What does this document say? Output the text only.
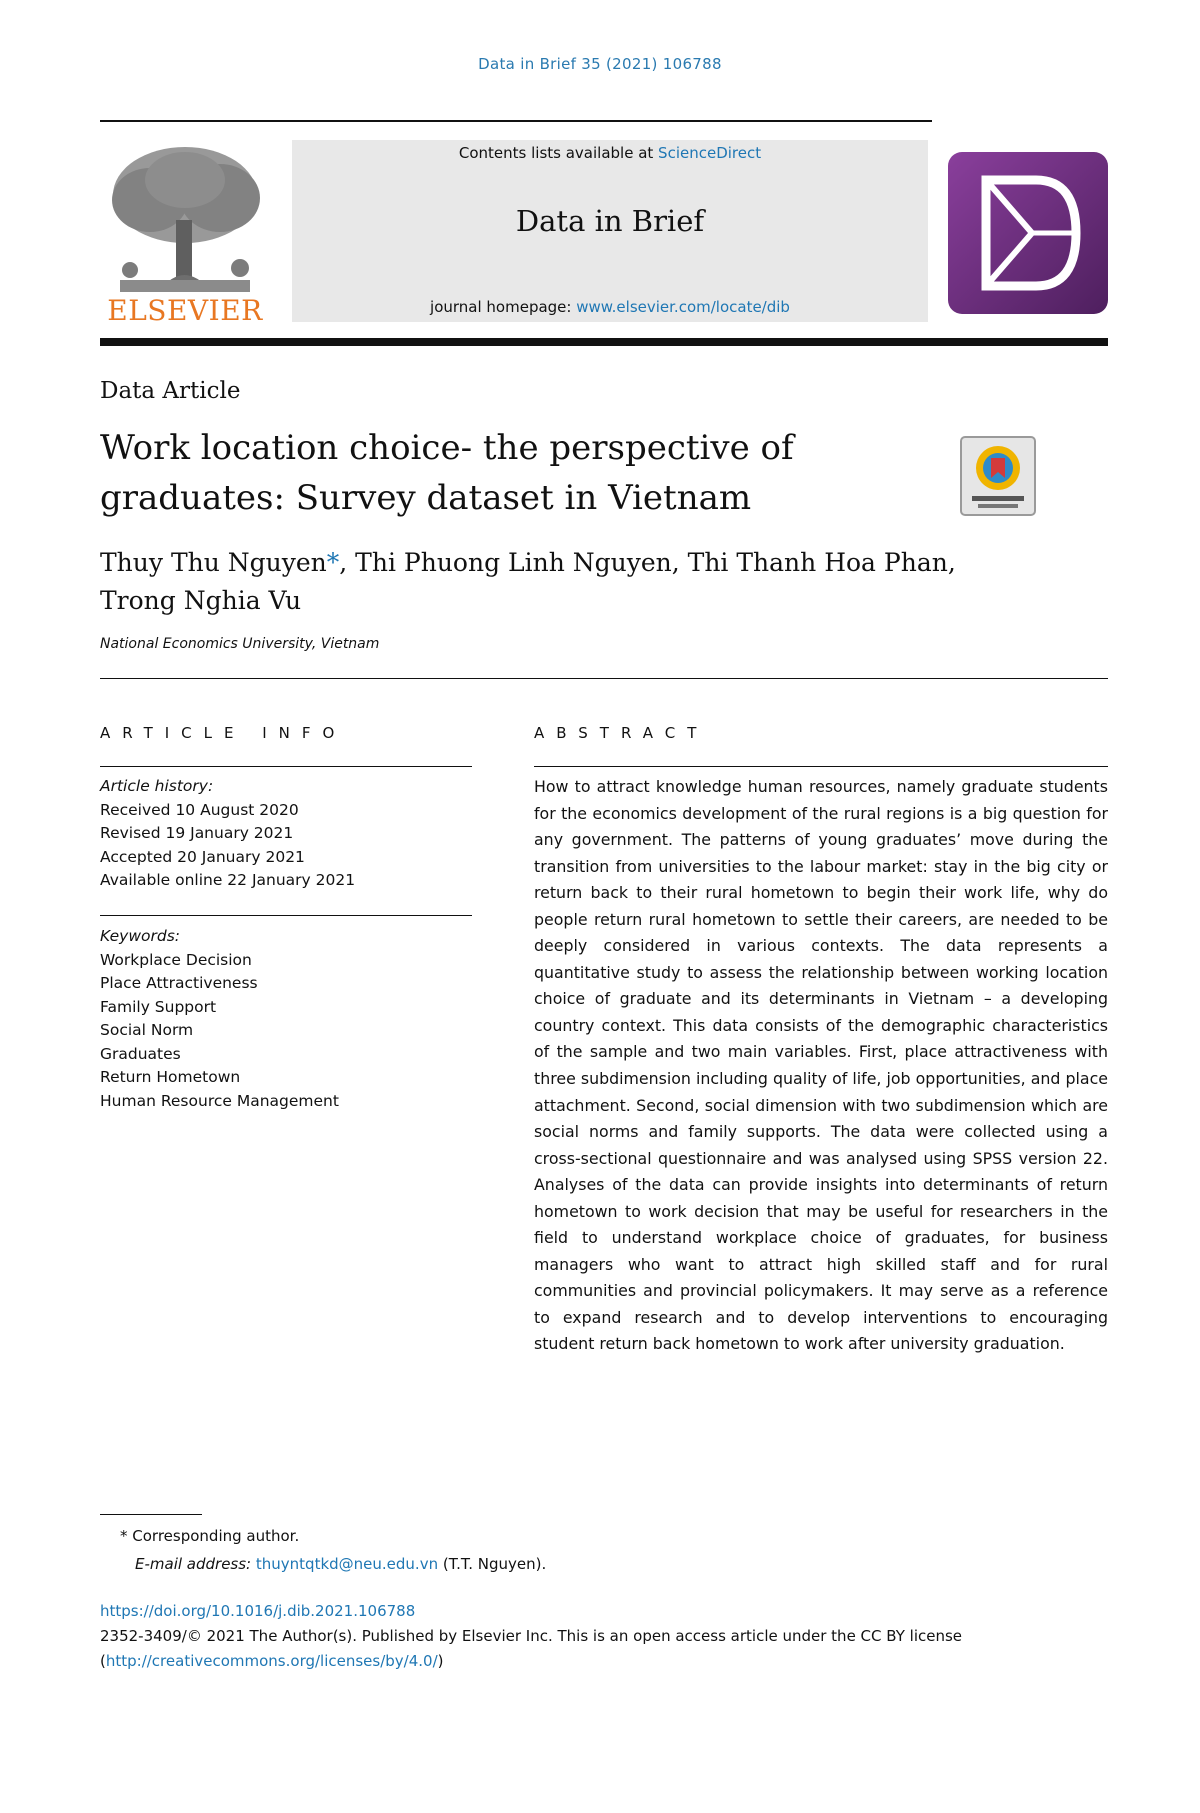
Data in Brief 35 (2021) 106788
ELSEVIER
Contents lists available at ScienceDirect
Data in Brief
journal homepage: www.elsevier.com/locate/dib
Data Article
Work location choice- the perspective of
graduates: Survey dataset in Vietnam
Thuy Thu Nguyen*, Thi Phuong Linh Nguyen, Thi Thanh Hoa Phan,
Trong Nghia Vu
National Economics University, Vietnam
ARTICLE INFO	ABSTRACT
Article history:
Received 10 August 2020
Revised 19 January 2021
Accepted 20 January 2021
Available online 22 January 2021
Keywords:
Workplace Decision
Place Attractiveness
Family Support
Social Norm
Graduates
Return Hometown
Human Resource Management
How to attract knowledge human resources, namely graduate students for the economics development of the rural regions is a big question for any government. The patterns of young graduates’ move during the transition from universities to the labour market: stay in the big city or return back to their rural hometown to begin their work life, why do people return rural hometown to settle their careers, are needed to be deeply considered in various contexts. The data represents a quantitative study to assess the relationship between working location choice of graduate and its determinants in Vietnam – a developing country context. This data consists of the demographic characteristics of the sample and two main variables. First, place attractiveness with three subdimension including quality of life, job opportunities, and place attachment. Second, social dimension with two subdimension which are social norms and family supports. The data were collected using a cross-sectional questionnaire and was analysed using SPSS version 22. Analyses of the data can provide insights into determinants of return hometown to work decision that may be useful for researchers in the field to understand workplace choice of graduates, for business managers who want to attract high skilled staff and for rural communities and provincial policymakers. It may serve as a reference to expand research and to develop interventions to encouraging student return back hometown to work after university graduation.
* Corresponding author.
E-mail address: thuyntqtkd@neu.edu.vn (T.T. Nguyen).
https://doi.org/10.1016/j.dib.2021.106788
2352-3409/© 2021 The Author(s). Published by Elsevier Inc. This is an open access article under the CC BY license
(http://creativecommons.org/licenses/by/4.0/)
